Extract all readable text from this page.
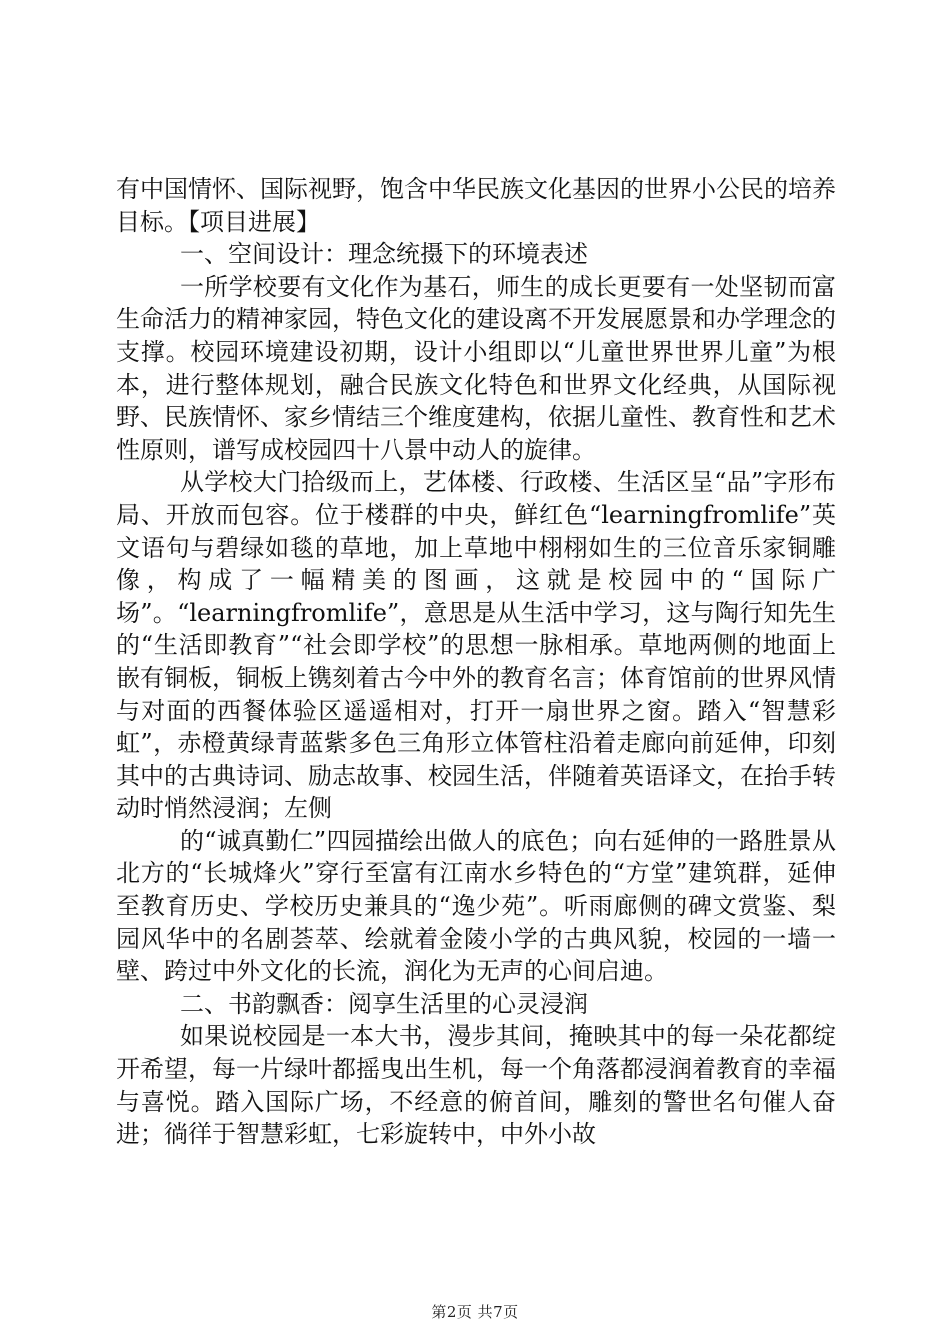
有中国情怀、国际视野，饱含中华民族文化基因的世界小公民的培养目标。【项目进展】

一、空间设计：理念统摄下的环境表述

一所学校要有文化作为基石，师生的成长更要有一处坚韧而富生命活力的精神家园，特色文化的建设离不开发展愿景和办学理念的支撑。校园环境建设初期，设计小组即以“儿童世界世界儿童”为根本，进行整体规划，融合民族文化特色和世界文化经典，从国际视野、民族情怀、家乡情结三个维度建构，依据儿童性、教育性和艺术性原则，谱写成校园四十八景中动人的旋律。

从学校大门拾级而上，艺体楼、行政楼、生活区呈“品”字形布局、开放而包容。位于楼群的中央，鲜红色“learningfromlife”英文语句与碧绿如毯的草地，加上草地中栩栩如生的三位音乐家铜雕像，构成了一幅精美的图画，这就是校园中的“国际广场”。“learningfromlife”，意思是从生活中学习，这与陶行知先生的“生活即教育”“社会即学校”的思想一脉相承。草地两侧的地面上嵌有铜板，铜板上镌刻着古今中外的教育名言；体育馆前的世界风情与对面的西餐体验区遥遥相对，打开一扇世界之窗。踏入“智慧彩虹”，赤橙黄绿青蓝紫多色三角形立体管柱沿着走廊向前延伸，印刻其中的古典诗词、励志故事、校园生活，伴随着英语译文，在抬手转动时悄然浸润；左侧

的“诚真勤仁”四园描绘出做人的底色；向右延伸的一路胜景从北方的“长城烽火”穿行至富有江南水乡特色的“方堂”建筑群，延伸至教育历史、学校历史兼具的“逸少苑”。听雨廊侧的碑文赏鉴、梨园风华中的名剧荟萃、绘就着金陵小学的古典风貌，校园的一墙一壁、跨过中外文化的长流，润化为无声的心间启迪。

二、书韵飘香：阅享生活里的心灵浸润

如果说校园是一本大书，漫步其间，掩映其中的每一朵花都绽开希望，每一片绿叶都摇曳出生机，每一个角落都浸润着教育的幸福与喜悦。踏入国际广场，不经意的俯首间，雕刻的警世名句催人奋进；徜徉于智慧彩虹，七彩旋转中，中外小故

第2页 共7页
